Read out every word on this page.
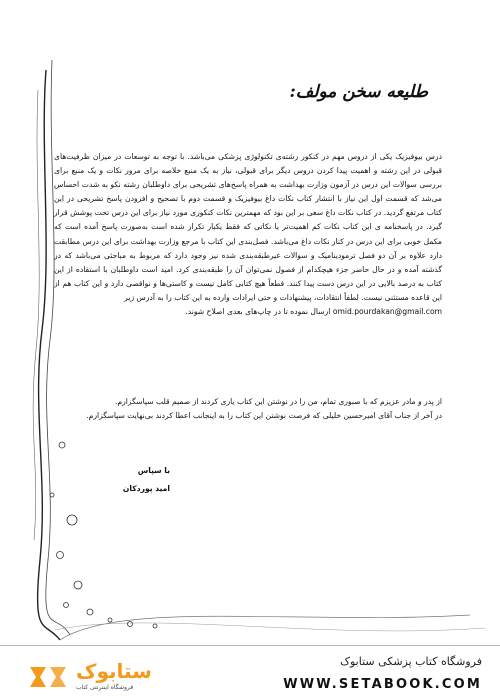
طلیعه سخن مولف:

درس بیوفیزیک یکی از دروس مهم در کنکور رشته‌ی تکنولوژی پزشکی می‌باشد. با توجه به توسعات در میزان ظرفیت‌های قبولی در این رشته و اهمیت پیدا کردن دروس دیگر برای قبولی، نیاز به یک منبع خلاصه برای مرور نکات و یک منبع برای بررسی سوالات این درس در آزمون وزارت بهداشت به همراه پاسخ‌های تشریحی برای داوطلبان رشته نکو به شدت احساس می‌شد که قسمت اول این نیاز با انتشار کتاب نکات داغ بیوفیزیک و قسمت دوم با تصحیح و افزودن پاسخ تشریحی در این کتاب مرتفع گردید. در کتاب نکات داغ سعی بر این بود که مهمترین نکات کنکوری مورد نیاز برای این درس تحت پوشش قرار گیرد. در پاسخنامه ی این کتاب نکات کم اهمیت‌تر یا نکاتی که فقط یکبار تکرار شده است به‌صورت پاسخ آمده است که مکمل خوبی برای این درس در کنار نکات داغ می‌باشد. فصل‌بندی این کتاب با مرجع وزارت بهداشت برای این درس مطابقت دارد علاوه بر آن دو فصل ترمودینامیک و سوالات غیرطبقه‌بندی شده نیز وجود دارد که مربوط به مباحثی می‌باشد که در گذشته آمده و در حال حاضر جزء هیچکدام از فصول نمی‌توان آن را طبقه‌بندی کرد. امید است داوطلبان با استفاده از این کتاب به درصد بالایی در این درس دست پیدا کنند. قطعاً هیچ کتابی کامل نیست و کاستی‌ها و نواقصی دارد و این کتاب هم از این قاعده مستثنی نیست. لطفاً انتقادات، پیشنهادات و حتی ایرادات وارده به این کتاب را به آدرس زیر

omid.pourdakan@gmail.com ارسال نموده تا در چاپ‌های بعدی اصلاح شوند.

از پدر و مادر عزیزم که با صبوری تمام، من را در نوشتن این کتاب یاری کردند از صمیم قلب سپاسگزارم.

در آخر از جناب آقای امیرحسین خلیلی که فرصت نوشتن این کتاب را به اینجانب اعطا کردند بی‌نهایت سپاسگزارم.

با سپاس
امید پوردکان
ستابوک
فروشگاه اینترنتی کتاب
فروشگاه کتاب پزشکی ستابوک
WWW.SETABOOK.COM
